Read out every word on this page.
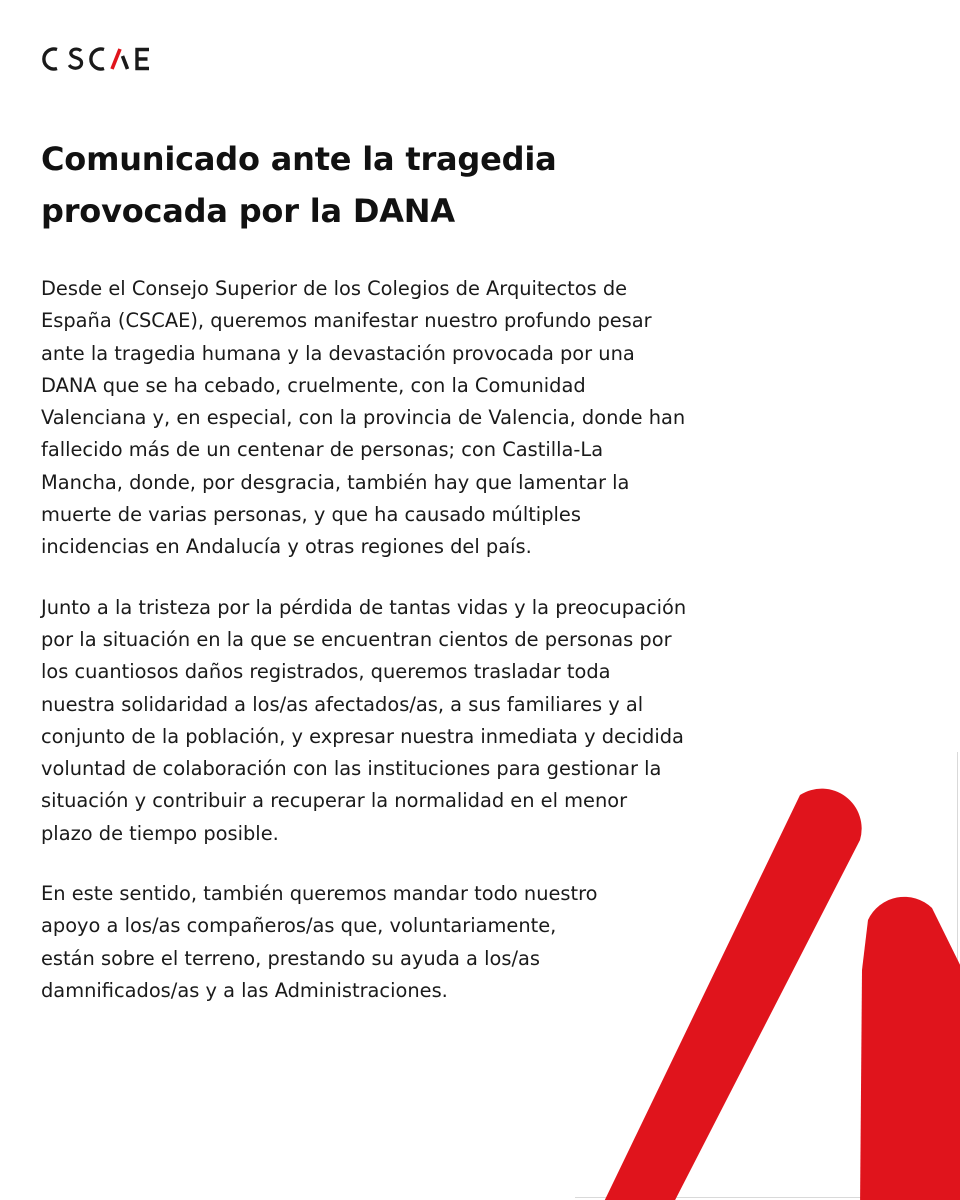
Comunicado ante la tragedia
provocada por la DANA

Desde el Consejo Superior de los Colegios de Arquitectos de
España (CSCAE), queremos manifestar nuestro profundo pesar
ante la tragedia humana y la devastación provocada por una
DANA que se ha cebado, cruelmente, con la Comunidad
Valenciana y, en especial, con la provincia de Valencia, donde han
fallecido más de un centenar de personas; con Castilla-La
Mancha, donde, por desgracia, también hay que lamentar la
muerte de varias personas, y que ha causado múltiples
incidencias en Andalucía y otras regiones del país.

Junto a la tristeza por la pérdida de tantas vidas y la preocupación
por la situación en la que se encuentran cientos de personas por
los cuantiosos daños registrados, queremos trasladar toda
nuestra solidaridad a los/as afectados/as, a sus familiares y al
conjunto de la población, y expresar nuestra inmediata y decidida
voluntad de colaboración con las instituciones para gestionar la
situación y contribuir a recuperar la normalidad en el menor
plazo de tiempo posible.

En este sentido, también queremos mandar todo nuestro
apoyo a los/as compañeros/as que, voluntariamente,
están sobre el terreno, prestando su ayuda a los/as
damnificados/as y a las Administraciones.
